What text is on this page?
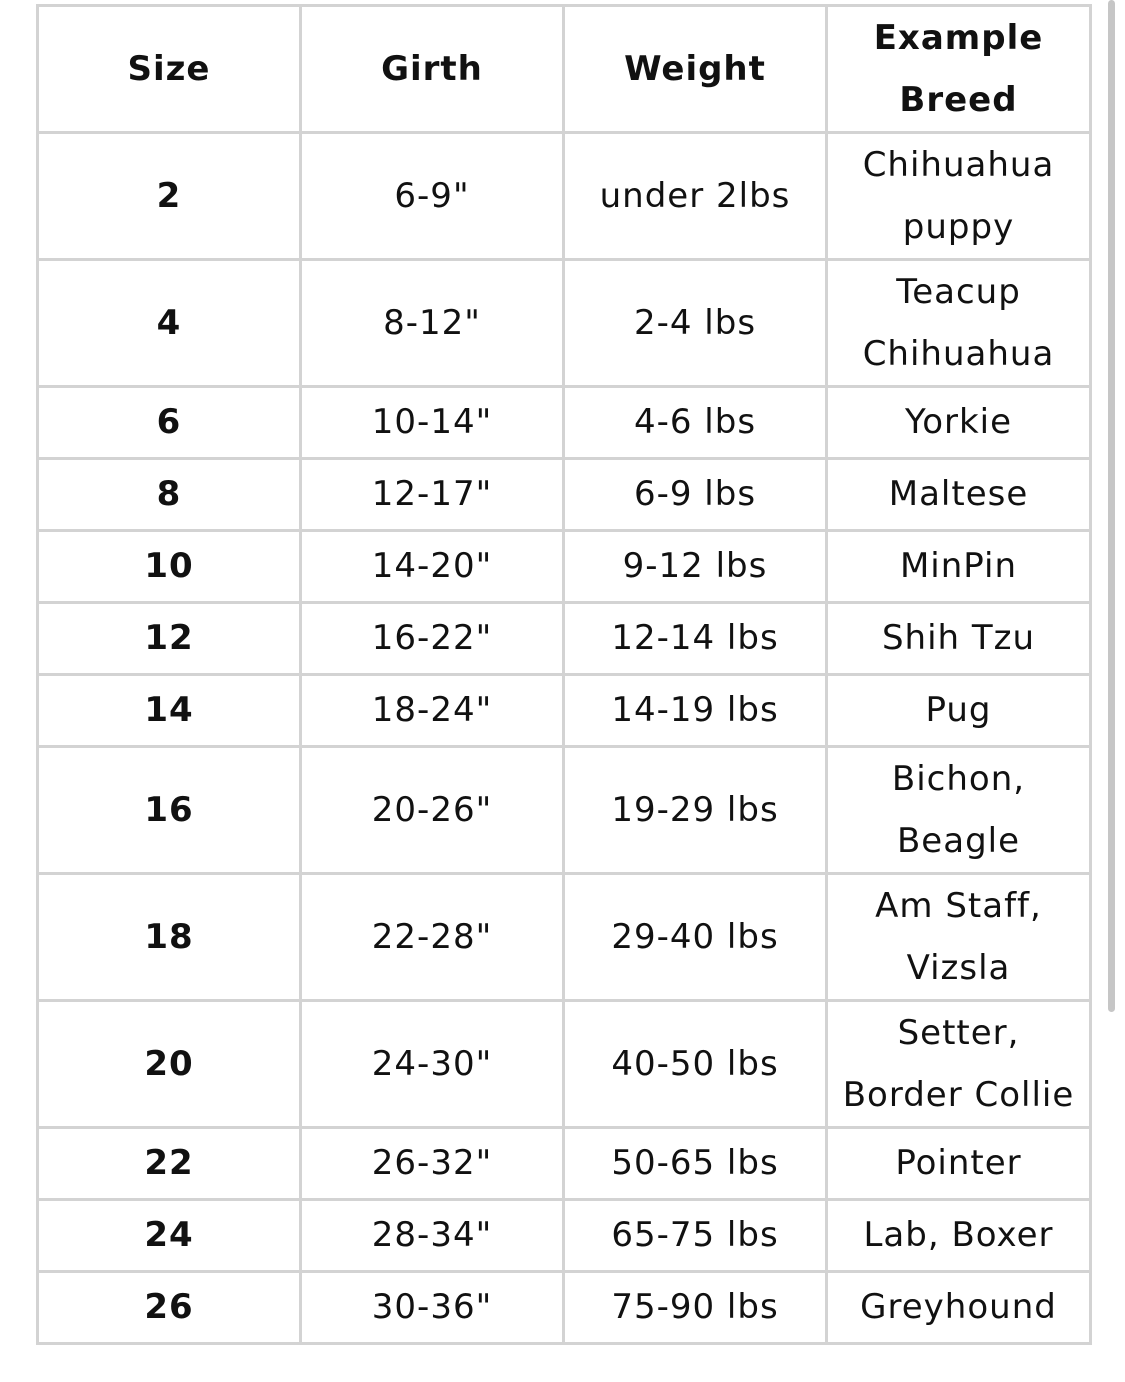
Size	Girth	Weight	Example Breed
2	6-9"	under 2lbs	Chihuahua puppy
4	8-12"	2-4 lbs	Teacup Chihuahua
6	10-14"	4-6 lbs	Yorkie
8	12-17"	6-9 lbs	Maltese
10	14-20"	9-12 lbs	MinPin
12	16-22"	12-14 lbs	Shih Tzu
14	18-24"	14-19 lbs	Pug
16	20-26"	19-29 lbs	Bichon, Beagle
18	22-28"	29-40 lbs	Am Staff, Vizsla
20	24-30"	40-50 lbs	Setter, Border Collie
22	26-32"	50-65 lbs	Pointer
24	28-34"	65-75 lbs	Lab, Boxer
26	30-36"	75-90 lbs	Greyhound
